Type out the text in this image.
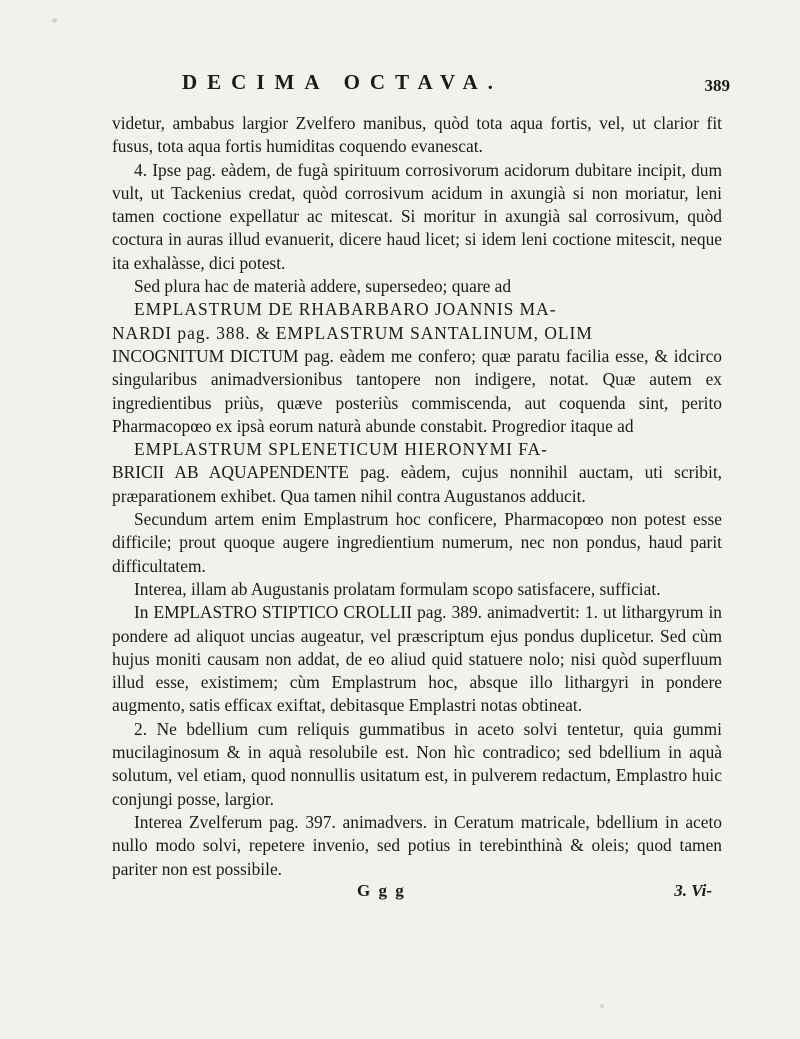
DECIMA OCTAVA.	389

videtur, ambabus largior Zvelfero manibus, quòd tota aqua fortis, vel, ut clarior fit fusus, tota aqua fortis humiditas coquendo evanescat.

4. Ipse pag. eàdem, de fugà spirituum corrosivorum acidorum dubitare incipit, dum vult, ut Tackenius credat, quòd corrosivum acidum in axungià si non moriatur, leni tamen coctione expellatur ac mitescat. Si moritur in axungià sal corrosivum, quòd coctura in auras illud evanuerit, dicere haud licet; si idem leni coctione mitescit, neque ita exhalàsse, dici potest.

Sed plura hac de materià addere, supersedeo; quare ad

EMPLASTRUM DE RHABARBARO JOANNIS MA-

NARDI pag. 388. & EMPLASTRUM SANTALINUM, OLIM

INCOGNITUM DICTUM pag. eàdem me confero; quæ paratu facilia esse, & idcirco singularibus animadversionibus tantopere non indigere, notat. Quæ autem ex ingredientibus priùs, quæve posteriùs commiscenda, aut coquenda sint, perito Pharmacopœo ex ipsà eorum naturà abunde constabit. Progredior itaque ad

EMPLASTRUM SPLENETICUM HIERONYMI FA-

BRICII AB AQUAPENDENTE pag. eàdem, cujus nonnihil auctam, uti scribit, præparationem exhibet. Qua tamen nihil contra Augustanos adducit.

Secundum artem enim Emplastrum hoc conficere, Pharmacopœo non potest esse difficile; prout quoque augere ingredientium numerum, nec non pondus, haud parit difficultatem.

Interea, illam ab Augustanis prolatam formulam scopo satisfacere, sufficiat.

In EMPLASTRO STIPTICO CROLLII pag. 389. animadvertit: 1. ut lithargyrum in pondere ad aliquot uncias augeatur, vel præscriptum ejus pondus duplicetur. Sed cùm hujus moniti causam non addat, de eo aliud quid statuere nolo; nisi quòd superfluum illud esse, existimem; cùm Emplastrum hoc, absque illo lithargyri in pondere augmento, satis efficax exiftat, debitasque Emplastri notas obtineat.

2. Ne bdellium cum reliquis gummatibus in aceto solvi tentetur, quia gummi mucilaginosum & in aquà resolubile est. Non hìc contradico; sed bdellium in aquà solutum, vel etiam, quod nonnullis usitatum est, in pulverem redactum, Emplastro huic conjungi posse, largior.

Interea Zvelferum pag. 397. animadvers. in Ceratum matricale, bdellium in aceto nullo modo solvi, repetere invenio, sed potius in terebinthinà & oleis; quod tamen pariter non est possibile.

G g g	3. Vi-
